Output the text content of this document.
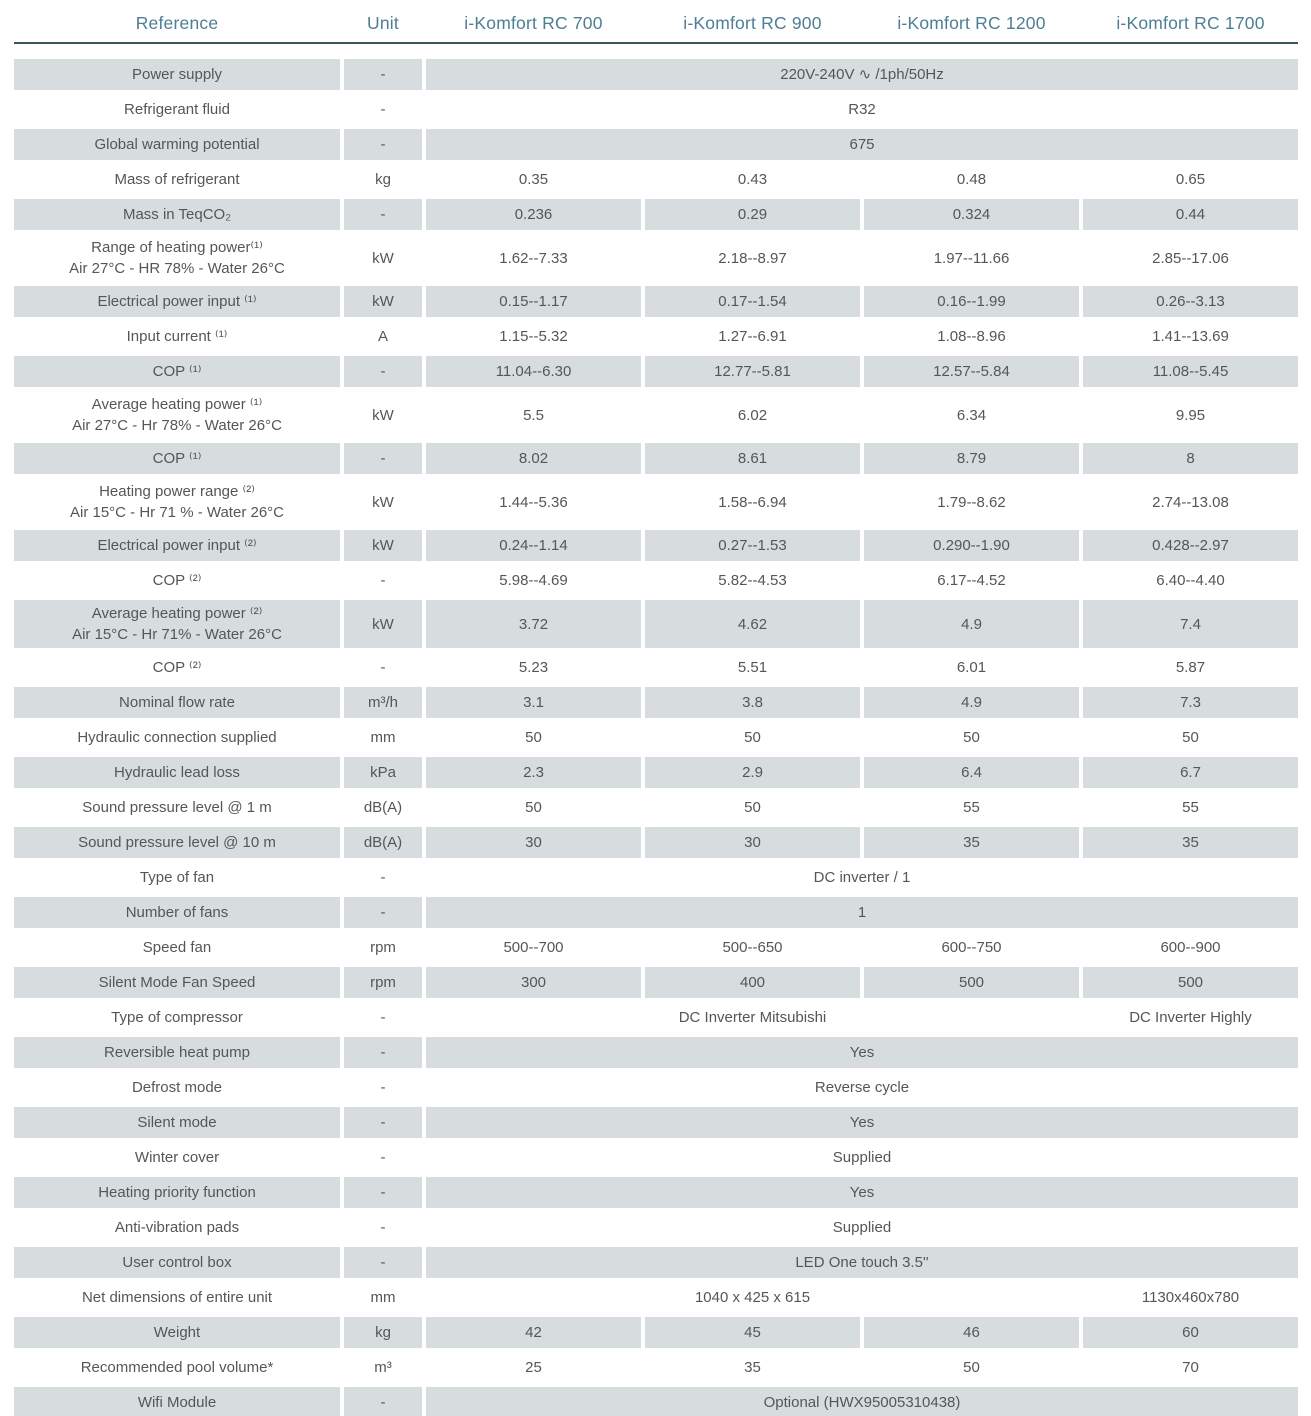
Reference	Unit	i-Komfort RC 700	i-Komfort RC 900	i-Komfort RC 1200	i-Komfort RC 1700
Power supply	-	220V-240V ∿ /1ph/50Hz
Refrigerant fluid	-	R32
Global warming potential	-	675
Mass of refrigerant	kg	0.35	0.43	0.48	0.65
Mass in TeqCO₂	-	0.236	0.29	0.324	0.44
Range of heating power⁽¹⁾
Air 27°C - HR 78% - Water 26°C
kW	1.62--7.33	2.18--8.97	1.97--11.66	2.85--17.06
Electrical power input ⁽¹⁾	kW	0.15--1.17	0.17--1.54	0.16--1.99	0.26--3.13
Input current ⁽¹⁾	A	1.15--5.32	1.27--6.91	1.08--8.96	1.41--13.69
COP ⁽¹⁾	-	11.04--6.30	12.77--5.81	12.57--5.84	11.08--5.45
Average heating power ⁽¹⁾
Air 27°C - Hr 78% - Water 26°C
kW	5.5	6.02	6.34	9.95
COP ⁽¹⁾	-	8.02	8.61	8.79	8
Heating power range ⁽²⁾
Air 15°C - Hr 71 % - Water 26°C
kW	1.44--5.36	1.58--6.94	1.79--8.62	2.74--13.08
Electrical power input ⁽²⁾	kW	0.24--1.14	0.27--1.53	0.290--1.90	0.428--2.97
COP ⁽²⁾	-	5.98--4.69	5.82--4.53	6.17--4.52	6.40--4.40
Average heating power ⁽²⁾
Air 15°C - Hr 71% - Water 26°C
kW	3.72	4.62	4.9	7.4
COP ⁽²⁾	-	5.23	5.51	6.01	5.87
Nominal flow rate	m³/h	3.1	3.8	4.9	7.3
Hydraulic connection supplied	mm	50	50	50	50
Hydraulic lead loss	kPa	2.3	2.9	6.4	6.7
Sound pressure level @ 1 m	dB(A)	50	50	55	55
Sound pressure level @ 10 m	dB(A)	30	30	35	35
Type of fan	-	DC inverter / 1
Number of fans	-	1
Speed fan	rpm	500--700	500--650	600--750	600--900
Silent Mode Fan Speed	rpm	300	400	500	500
Type of compressor	-	DC Inverter Mitsubishi	DC Inverter Highly
Reversible heat pump	-	Yes
Defrost mode	-	Reverse cycle
Silent mode	-	Yes
Winter cover	-	Supplied
Heating priority function	-	Yes
Anti-vibration pads	-	Supplied
User control box	-	LED One touch 3.5''
Net dimensions of entire unit	mm	1040 x 425 x 615	1130x460x780
Weight	kg	42	45	46	60
Recommended pool volume*	m³	25	35	50	70
Wifi Module	-	Optional (HWX95005310438)
